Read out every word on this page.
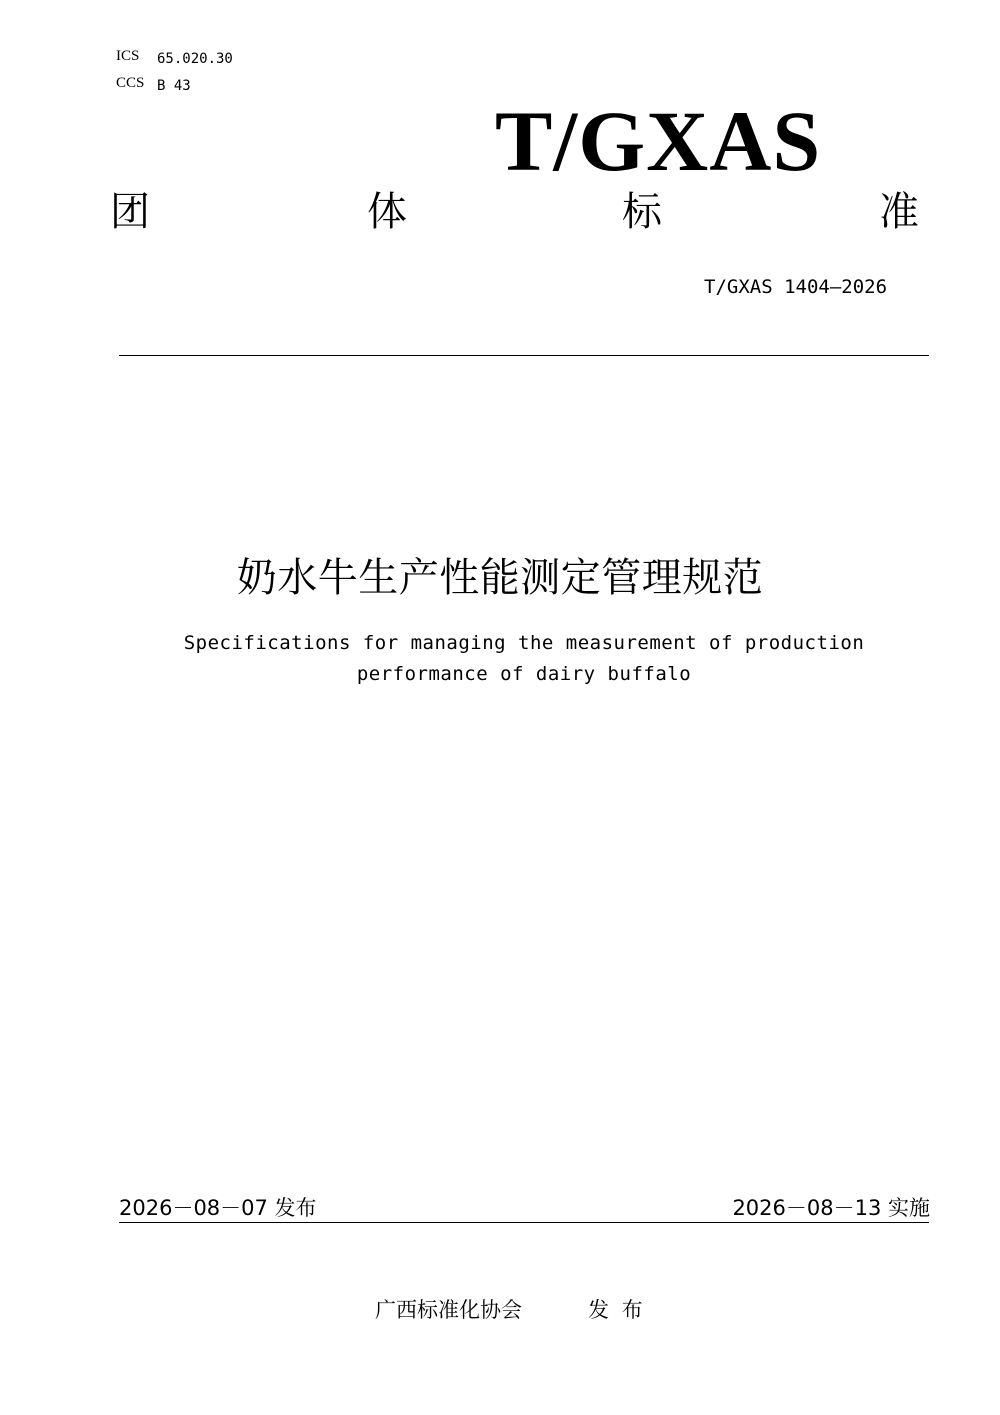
ICS 65.020.30
CCS B 43
T/GXAS
团	体	标	准
T/GXAS 1404—2026
奶水牛生产性能测定管理规范
Specifications for managing the measurement of production
performance of dairy buffalo
2026－08－07 发布	2026－08－13 实施
广西标准化协会	发 布
